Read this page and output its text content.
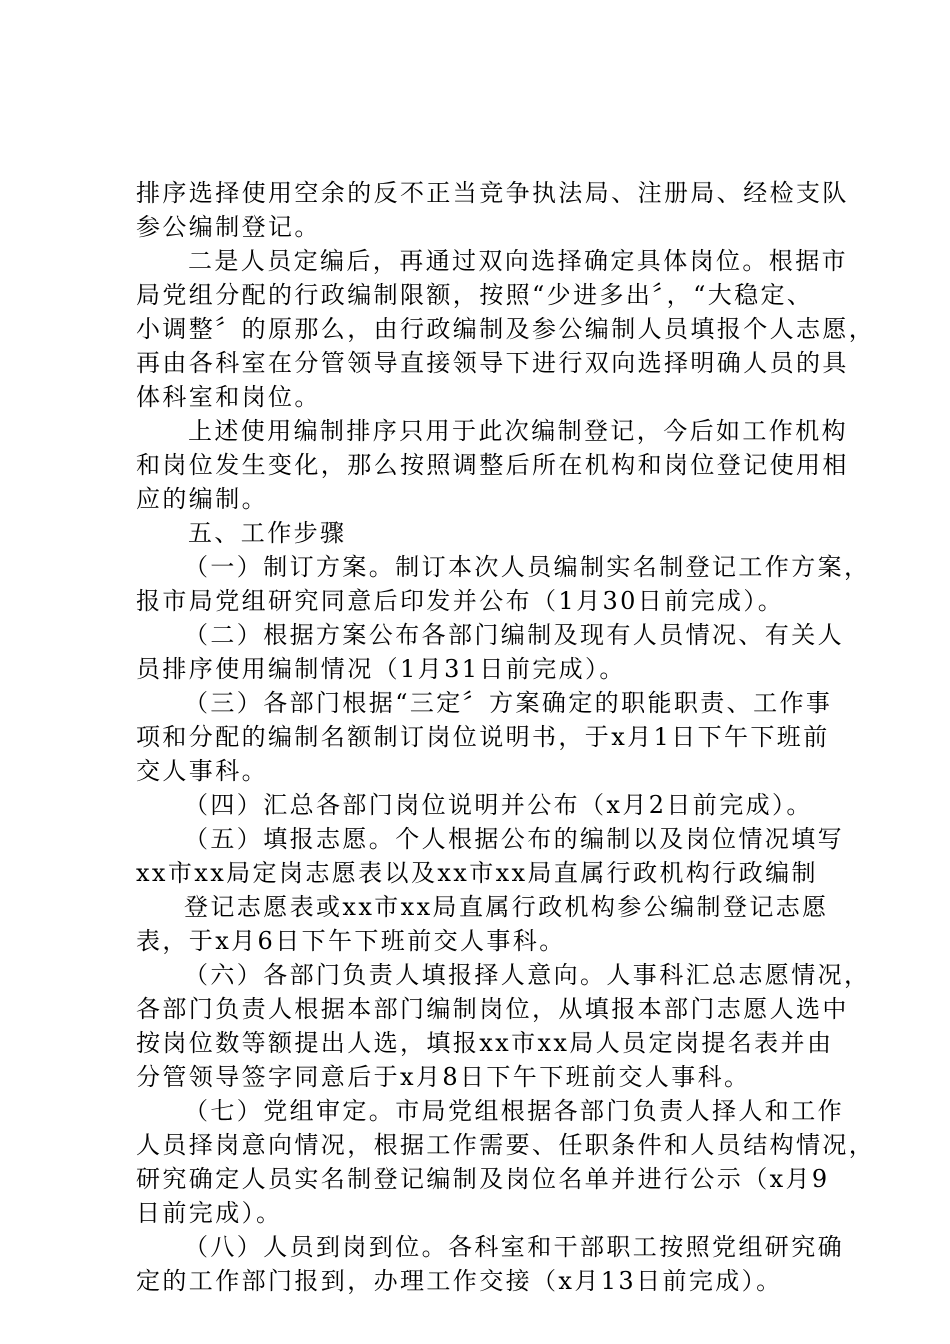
排序选择使用空余的反不正当竞争执法局、注册局、经检支队
参公编制登记。

二是人员定编后，再通过双向选择确定具体岗位。根据市
局党组分配的行政编制限额，按照“少进多出〞，“大稳定、
小调整〞的原那么，由行政编制及参公编制人员填报个人志愿，
再由各科室在分管领导直接领导下进行双向选择明确人员的具
体科室和岗位。

上述使用编制排序只用于此次编制登记，今后如工作机构
和岗位发生变化，那么按照调整后所在机构和岗位登记使用相
应的编制。

五、工作步骤

（一）制订方案。制订本次人员编制实名制登记工作方案，
报市局党组研究同意后印发并公布（1月30日前完成）。

（二）根据方案公布各部门编制及现有人员情况、有关人
员排序使用编制情况（1月31日前完成）。

（三）各部门根据“三定〞方案确定的职能职责、工作事
项和分配的编制名额制订岗位说明书，于x月1日下午下班前
交人事科。

（四）汇总各部门岗位说明并公布（x月2日前完成）。

（五）填报志愿。个人根据公布的编制以及岗位情况填写
xx市xx局定岗志愿表以及xx市xx局直属行政机构行政编制
登记志愿表或xx市xx局直属行政机构参公编制登记志愿
表，于x月6日下午下班前交人事科。

（六）各部门负责人填报择人意向。人事科汇总志愿情况，
各部门负责人根据本部门编制岗位，从填报本部门志愿人选中
按岗位数等额提出人选，填报xx市xx局人员定岗提名表并由
分管领导签字同意后于x月8日下午下班前交人事科。

（七）党组审定。市局党组根据各部门负责人择人和工作
人员择岗意向情况，根据工作需要、任职条件和人员结构情况，
研究确定人员实名制登记编制及岗位名单并进行公示（x月9
日前完成）。

（八）人员到岗到位。各科室和干部职工按照党组研究确
定的工作部门报到，办理工作交接（x月13日前完成）。
